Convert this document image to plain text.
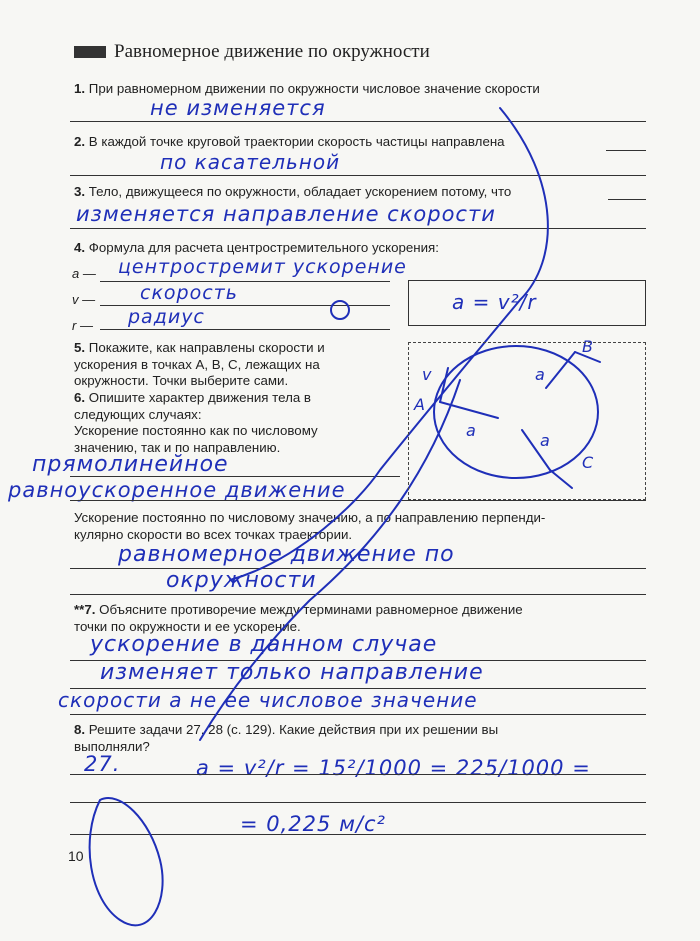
Равномерное движение по окружности
1. При равномерном движении по окружности числовое значение скорости
не изменяется
2. В каждой точке круговой траектории скорость частицы направлена
по касательной
3. Тело, движущееся по окружности, обладает ускорением потому, что
изменяется направление скорости
4. Формула для расчета центростремительного ускорения:
a — центростремит ускорение
v — скорость
r — радиус
a = v²/r
5. Покажите, как направлены скорости и
ускорения в точках A, B, C, лежащих на
окружности. Точки выберите сами.
6. Опишите характер движения тела в
следующих случаях:
Ускорение постоянно как по числовому
значению, так и по направлению.
прямолинейное
равноускоренное движение
Ускорение постоянно по числовому значению, а по направлению перпенди-
кулярно скорости во всех точках траектории.
равномерное движение по
окружности
**7. Объясните противоречие между терминами равномерное движение
точки по окружности и ее ускорение.
ускорение в данном случае
изменяет только направление
скорости а не ее числовое значение
8. Решите задачи 27, 28 (с. 129). Какие действия при их решении вы
выполняли?
27.	a = v²/r = 15²/1000 = 225/1000 =
= 0,225 м/с²
10
A
B
C
v
a
a
a
